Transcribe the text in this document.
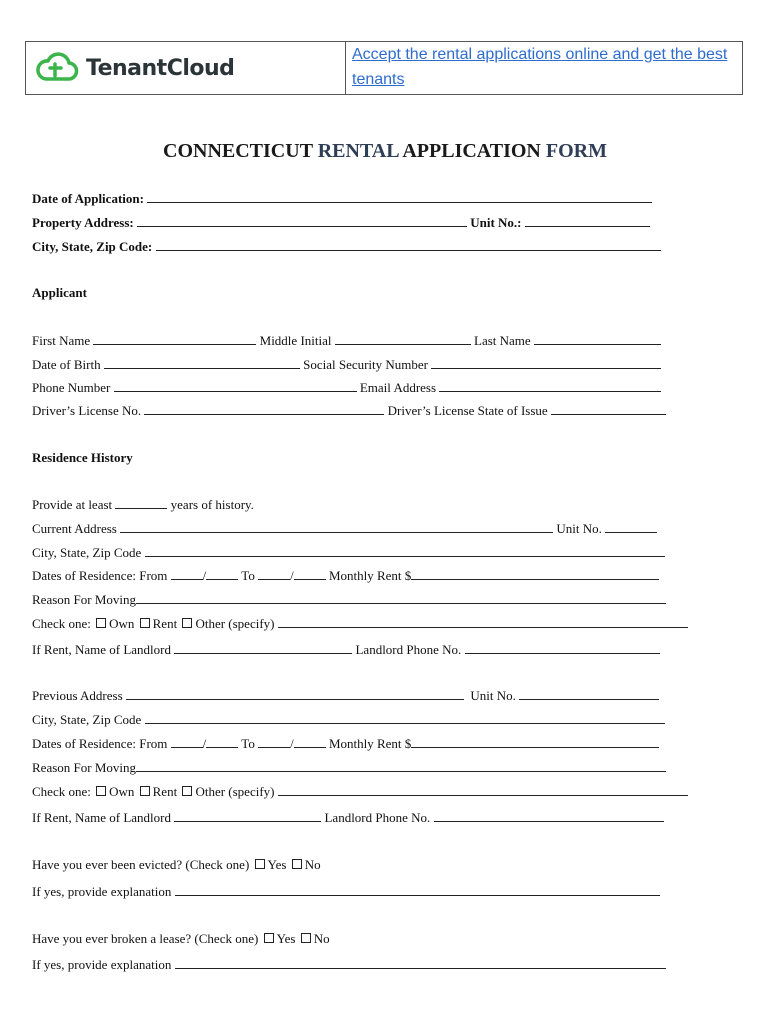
TenantCloud
Accept the rental applications online and get the best tenants
CONNECTICUT RENTAL APPLICATION FORM
Date of Application:
Property Address:	Unit No.:
City, State, Zip Code:
Applicant
First Name	Middle Initial	Last Name
Date of Birth	Social Security Number
Phone Number	Email Address
Driver’s License No.	Driver’s License State of Issue
Residence History
Provide at least	years of history.
Current Address	Unit No.
City, State, Zip Code
Dates of Residence: From	/	To	/	Monthly Rent $
Reason For Moving
Check one: Own Rent Other (specify)
If Rent, Name of Landlord	Landlord Phone No.
Previous Address	Unit No.
City, State, Zip Code
Dates of Residence: From	/	To	/	Monthly Rent $
Reason For Moving
Check one: Own Rent Other (specify)
If Rent, Name of Landlord	Landlord Phone No.
Have you ever been evicted? (Check one) Yes No
If yes, provide explanation
Have you ever broken a lease? (Check one) Yes No
If yes, provide explanation
